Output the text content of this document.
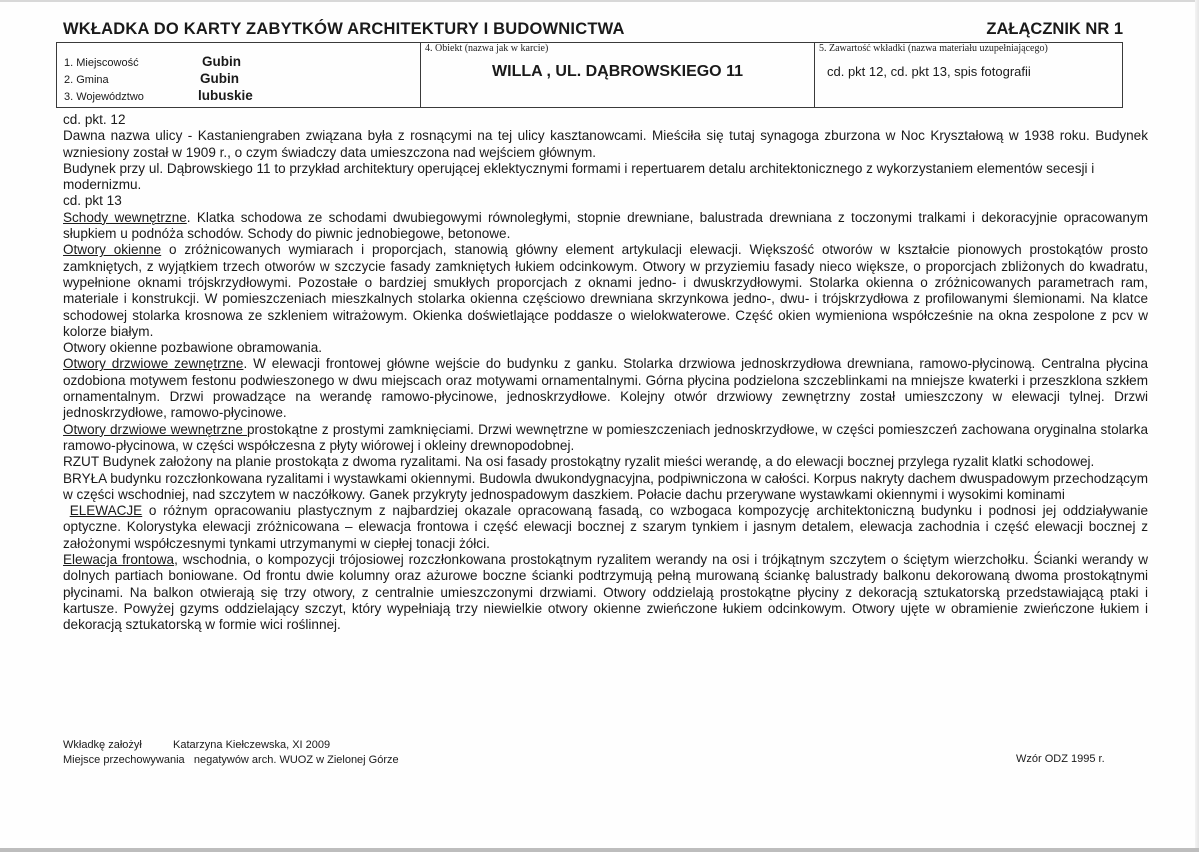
WKŁADKA DO KARTY ZABYTKÓW ARCHITEKTURY I BUDOWNICTWA	ZAŁĄCZNIK NR 1
1. Miejscowość	Gubin
2. Gmina	Gubin
3. Województwo	lubuskie
4. Obiekt (nazwa jak w karcie)
WILLA , UL. DĄBROWSKIEGO 11
5. Zawartość wkładki (nazwa materiału uzupełniającego)
cd. pkt 12, cd. pkt 13, spis fotografii

cd. pkt. 12

Dawna nazwa ulicy - Kastaniengraben związana była z rosnącymi na tej ulicy kasztanowcami. Mieściła się tutaj synagoga zburzona w Noc Kryształową w 1938 roku. Budynek wzniesiony został w 1909 r., o czym świadczy data umieszczona nad wejściem głównym.

Budynek przy ul. Dąbrowskiego 11 to przykład architektury operującej eklektycznymi formami i repertuarem detalu architektonicznego z wykorzystaniem elementów secesji i modernizmu.

cd. pkt 13

Schody wewnętrzne. Klatka schodowa ze schodami dwubiegowymi równoległymi, stopnie drewniane, balustrada drewniana z toczonymi tralkami i dekoracyjnie opracowanym słupkiem u podnóża schodów. Schody do piwnic jednobiegowe, betonowe.

Otwory okienne o zróżnicowanych wymiarach i proporcjach, stanowią główny element artykulacji elewacji. Większość otworów w kształcie pionowych prostokątów prosto zamkniętych, z wyjątkiem trzech otworów w szczycie fasady zamkniętych łukiem odcinkowym. Otwory w przyziemiu fasady nieco większe, o proporcjach zbliżonych do kwadratu, wypełnione oknami trójskrzydłowymi. Pozostałe o bardziej smukłych proporcjach z oknami jedno- i dwuskrzydłowymi. Stolarka okienna o zróżnicowanych parametrach ram, materiale i konstrukcji. W pomieszczeniach mieszkalnych stolarka okienna częściowo drewniana skrzynkowa jedno-, dwu- i trójskrzydłowa z profilowanymi ślemionami. Na klatce schodowej stolarka krosnowa ze szkleniem witrażowym. Okienka doświetlające poddasze o wielokwaterowe. Część okien wymieniona współcześnie na okna zespolone z pcv w kolorze białym.

Otwory okienne pozbawione obramowania.

Otwory drzwiowe zewnętrzne. W elewacji frontowej główne wejście do budynku z ganku. Stolarka drzwiowa jednoskrzydłowa drewniana, ramowo-płycinową. Centralna płycina ozdobiona motywem festonu podwieszonego w dwu miejscach oraz motywami ornamentalnymi. Górna płycina podzielona szczeblinkami na mniejsze kwaterki i przeszklona szkłem ornamentalnym. Drzwi prowadzące na werandę ramowo-płycinowe, jednoskrzydłowe. Kolejny otwór drzwiowy zewnętrzny został umieszczony w elewacji tylnej. Drzwi jednoskrzydłowe, ramowo-płycinowe.

Otwory drzwiowe wewnętrzne prostokątne z prostymi zamknięciami. Drzwi wewnętrzne w pomieszczeniach jednoskrzydłowe, w części pomieszczeń zachowana oryginalna stolarka ramowo-płycinowa, w części współczesna z płyty wiórowej i okleiny drewnopodobnej.

RZUT Budynek założony na planie prostokąta z dwoma ryzalitami. Na osi fasady prostokątny ryzalit mieści werandę, a do elewacji bocznej przylega ryzalit klatki schodowej.

BRYŁA budynku rozczłonkowana ryzalitami i wystawkami okiennymi. Budowla dwukondygnacyjna, podpiwniczona w całości. Korpus nakryty dachem dwuspadowym przechodzącym w części wschodniej, nad szczytem w naczółkowy. Ganek przykryty jednospadowym daszkiem. Połacie dachu przerywane wystawkami okiennymi i wysokimi kominami

ELEWACJE o różnym opracowaniu plastycznym z najbardziej okazale opracowaną fasadą, co wzbogaca kompozycję architektoniczną budynku i podnosi jej oddziaływanie optyczne. Kolorystyka elewacji zróżnicowana – elewacja frontowa i część elewacji bocznej z szarym tynkiem i jasnym detalem, elewacja zachodnia i część elewacji bocznej z założonymi współczesnymi tynkami utrzymanymi w ciepłej tonacji żółci.

Elewacja frontowa, wschodnia, o kompozycji trójosiowej rozczłonkowana prostokątnym ryzalitem werandy na osi i trójkątnym szczytem o ściętym wierzchołku. Ścianki werandy w dolnych partiach boniowane. Od frontu dwie kolumny oraz ażurowe boczne ścianki podtrzymują pełną murowaną ściankę balustrady balkonu dekorowaną dwoma prostokątnymi płycinami. Na balkon otwierają się trzy otwory, z centralnie umieszczonymi drzwiami. Otwory oddzielają prostokątne płyciny z dekoracją sztukatorską przedstawiającą ptaki i kartusze. Powyżej gzyms oddzielający szczyt, który wypełniają trzy niewielkie otwory okienne zwieńczone łukiem odcinkowym. Otwory ujęte w obramienie zwieńczone łukiem i dekoracją sztukatorską w formie wici roślinnej.

Wkładkę założył	Katarzyna Kiełczewska, XI 2009
Miejsce przechowywania negatywów arch. WUOZ w Zielonej Górze	Wzór ODZ 1995 r.
